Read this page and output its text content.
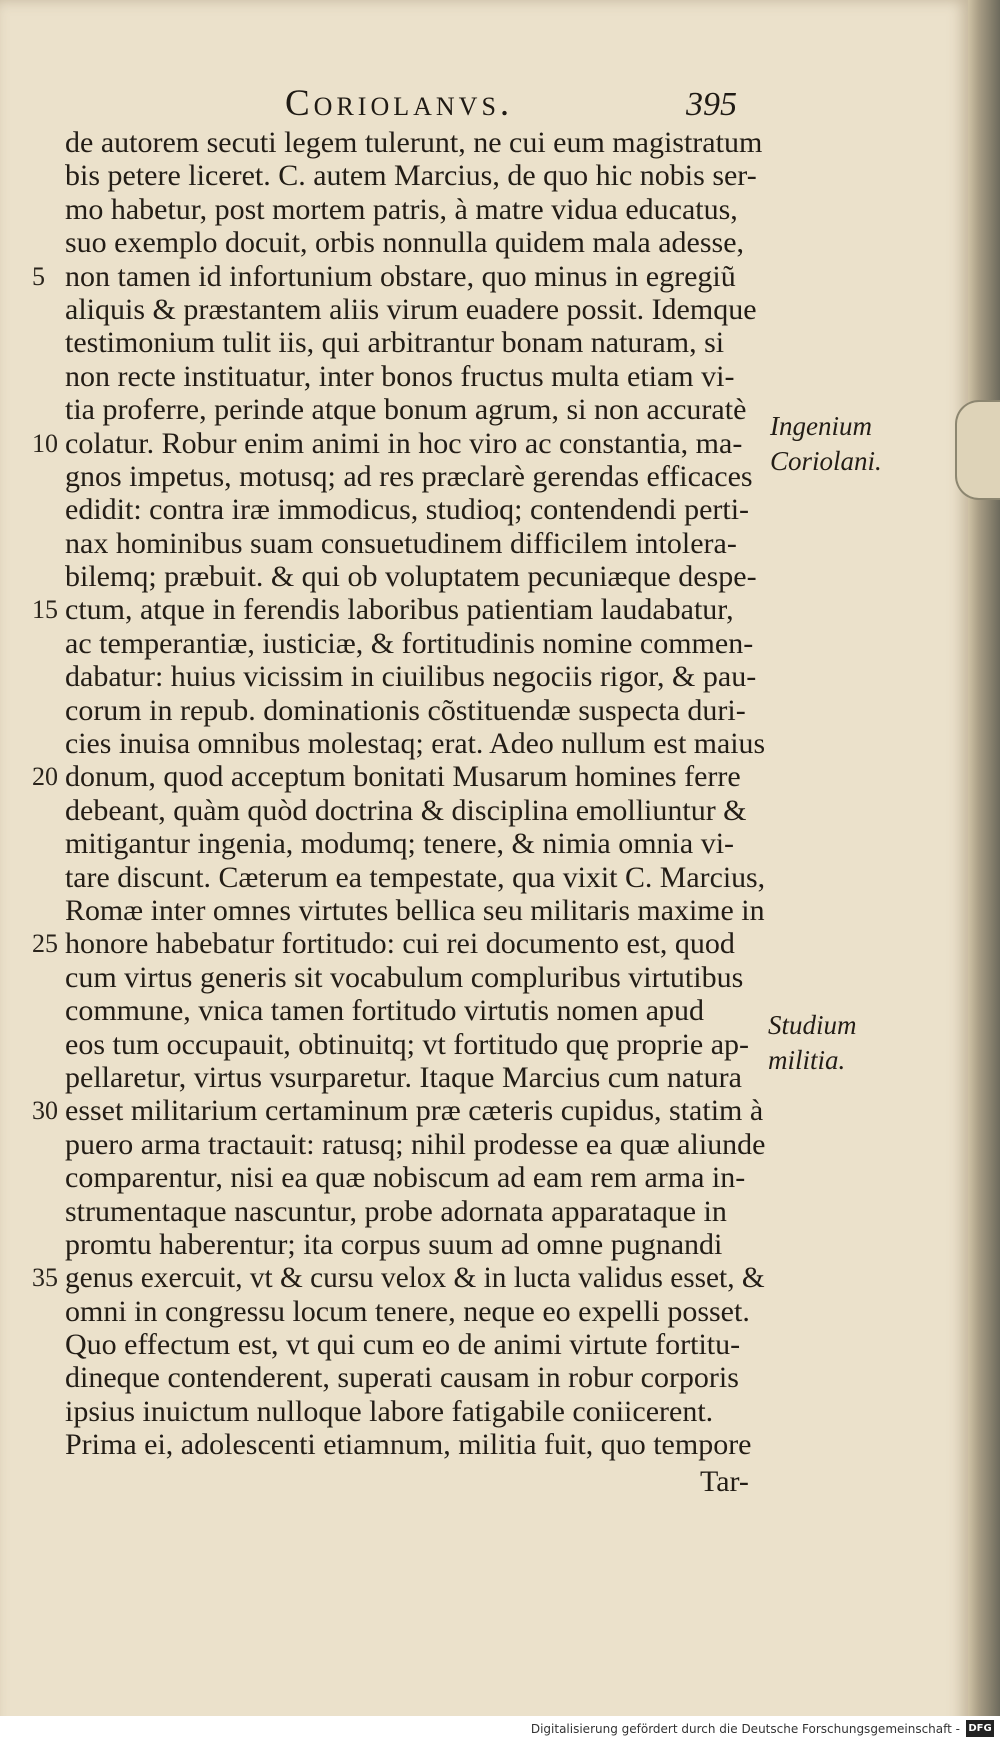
Coriolanvs.	395
de autorem secuti legem tulerunt, ne cui eum magistratum
bis petere liceret. C. autem Marcius, de quo hic nobis ser-
mo habetur, post mortem patris, à matre vidua educatus,
suo exemplo docuit, orbis nonnulla quidem mala adesse,
5 non tamen id infortunium obstare, quo minus in egregiũ
aliquis & præstantem aliis virum euadere possit. Idemque
testimonium tulit iis, qui arbitrantur bonam naturam, si
non recte instituatur, inter bonos fructus multa etiam vi-
tia proferre, perinde atque bonum agrum, si non accuratè
10 colatur. Robur enim animi in hoc viro ac constantia, ma-
gnos impetus, motusq; ad res præclarè gerendas efficaces
edidit: contra iræ immodicus, studioq; contendendi perti-
nax hominibus suam consuetudinem difficilem intolera-
bilemq; præbuit. & qui ob voluptatem pecuniæque despe-
15 ctum, atque in ferendis laboribus patientiam laudabatur,
ac temperantiæ, iusticiæ, & fortitudinis nomine commen-
dabatur: huius vicissim in ciuilibus negociis rigor, & pau-
corum in repub. dominationis cõstituendæ suspecta duri-
cies inuisa omnibus molestaq; erat. Adeo nullum est maius
20 donum, quod acceptum bonitati Musarum homines ferre
debeant, quàm quòd doctrina & disciplina emolliuntur &
mitigantur ingenia, modumq; tenere, & nimia omnia vi-
tare discunt. Cæterum ea tempestate, qua vixit C. Marcius,
Romæ inter omnes virtutes bellica seu militaris maxime in
25 honore habebatur fortitudo: cui rei documento est, quod
cum virtus generis sit vocabulum compluribus virtutibus
commune, vnica tamen fortitudo virtutis nomen apud
eos tum occupauit, obtinuitq; vt fortitudo quę proprie ap-
pellaretur, virtus vsurparetur. Itaque Marcius cum natura
30 esset militarium certaminum præ cæteris cupidus, statim à
puero arma tractauit: ratusq; nihil prodesse ea quæ aliunde
comparentur, nisi ea quæ nobiscum ad eam rem arma in-
strumentaque nascuntur, probe adornata apparataque in
promtu haberentur; ita corpus suum ad omne pugnandi
35 genus exercuit, vt & cursu velox & in lucta validus esset, &
omni in congressu locum tenere, neque eo expelli posset.
Quo effectum est, vt qui cum eo de animi virtute fortitu-
dineque contenderent, superati causam in robur corporis
ipsius inuictum nulloque labore fatigabile coniicerent.
Prima ei, adolescenti etiamnum, militia fuit, quo tempore
Ingenium
Coriolani.
Studium
militia.
Tar-
Digitalisierung gefördert durch die Deutsche Forschungsgemeinschaft - DFG
